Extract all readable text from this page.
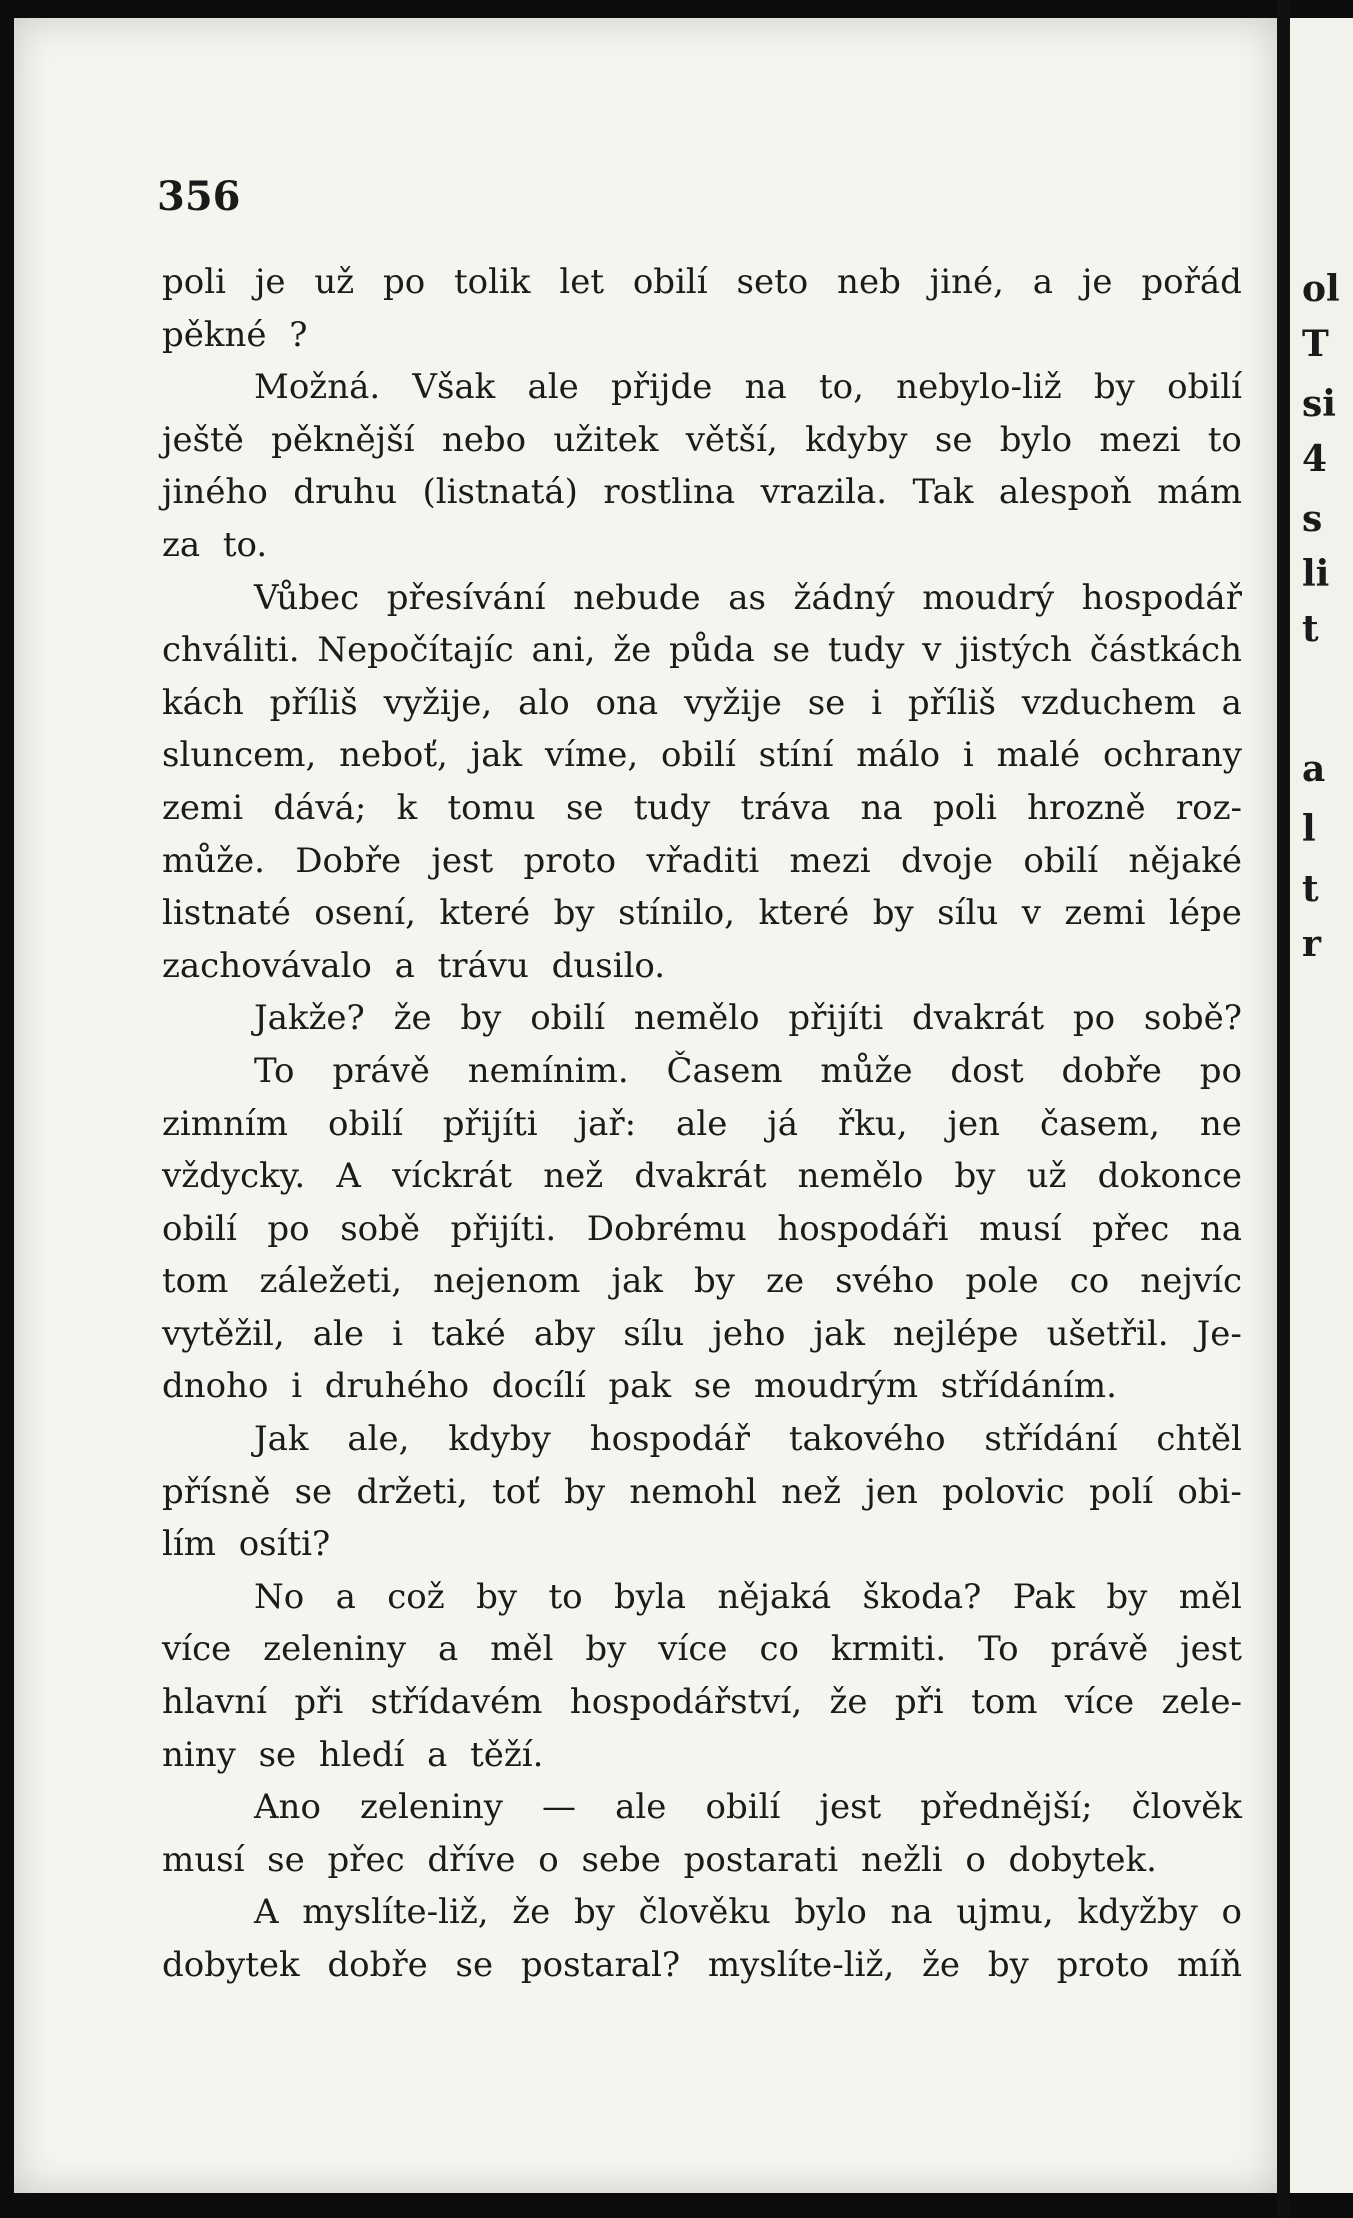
356
poli je už po tolik let obilí seto neb jiné, a je pořád
pěkné ?
Možná. Však ale přijde na to, nebylo-liž by obilí
ještě pěknější nebo užitek větší, kdyby se bylo mezi to
jiného druhu (listnatá) rostlina vrazila. Tak alespoň mám
za to.
Vůbec přesívání nebude as žádný moudrý hospodář
chváliti. Nepočítajíc ani, že půda se tudy v jistých částkách
kách příliš vyžije, alo ona vyžije se i příliš vzduchem a
sluncem, neboť, jak víme, obilí stíní málo i malé ochrany
zemi dává; k tomu se tudy tráva na poli hrozně roz-
může. Dobře jest proto vřaditi mezi dvoje obilí nějaké
listnaté osení, které by stínilo, které by sílu v zemi lépe
zachovávalo a trávu dusilo.
Jakže? že by obilí nemělo přijíti dvakrát po sobě?
To právě nemínim. Časem může dost dobře po
zimním obilí přijíti jař: ale já řku, jen časem, ne
vždycky. A víckrát než dvakrát nemělo by už dokonce
obilí po sobě přijíti. Dobrému hospodáři musí přec na
tom záležeti, nejenom jak by ze svého pole co nejvíc
vytěžil, ale i také aby sílu jeho jak nejlépe ušetřil. Je-
dnoho i druhého docílí pak se moudrým střídáním.
Jak ale, kdyby hospodář takového střídání chtěl
přísně se držeti, toť by nemohl než jen polovic polí obi-
lím osíti?
No a což by to byla nějaká škoda? Pak by měl
více zeleniny a měl by více co krmiti. To právě jest
hlavní při střídavém hospodářství, že při tom více zele-
niny se hledí a těží.
Ano zeleniny — ale obilí jest přednější; člověk
musí se přec dříve o sebe postarati nežli o dobytek.
A myslíte-liž, že by člověku bylo na ujmu, kdyžby o
dobytek dobře se postaral? myslíte-liž, že by proto míň
ol
T
si
4
s
li
t
a
l
t
r
